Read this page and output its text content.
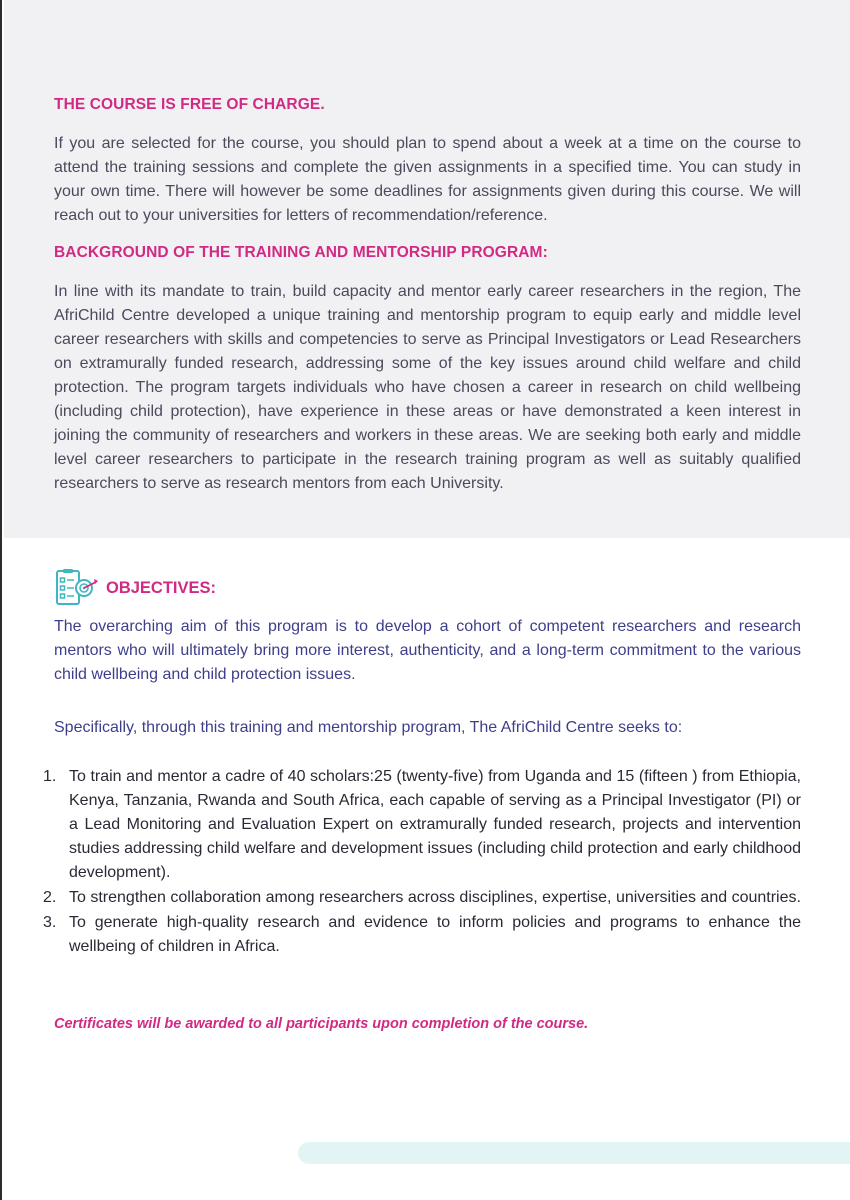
THE COURSE IS FREE OF CHARGE.

If you are selected for the course, you should plan to spend about a week at a time on the course to attend the training sessions and complete the given assignments in a specified time. You can study in your own time. There will however be some deadlines for assignments given during this course. We will reach out to your universities for letters of recommendation/reference.

BACKGROUND OF THE TRAINING AND MENTORSHIP PROGRAM:

In line with its mandate to train, build capacity and mentor early career researchers in the region, The AfriChild Centre developed a unique training and mentorship program to equip early and middle level career researchers with skills and competencies to serve as Principal Investigators or Lead Researchers on extramurally funded research, addressing some of the key issues around child welfare and child protection. The program targets individuals who have chosen a career in research on child wellbeing (including child protection), have experience in these areas or have demonstrated a keen interest in joining the community of researchers and workers in these areas. We are seeking both early and middle level career researchers to participate in the research training program as well as suitably qualified researchers to serve as research mentors from each University.

OBJECTIVES:

The overarching aim of this program is to develop a cohort of competent researchers and research mentors who will ultimately bring more interest, authenticity, and a long-term commitment to the various child wellbeing and child protection issues.

Specifically, through this training and mentorship program, The AfriChild Centre seeks to:

1. To train and mentor a cadre of 40 scholars:25 (twenty-five) from Uganda and 15 (fifteen ) from Ethiopia, Kenya, Tanzania, Rwanda and South Africa, each capable of serving as a Principal Investigator (PI) or a Lead Monitoring and Evaluation Expert on extramurally funded research, projects and intervention studies addressing child welfare and development issues (including child protection and early childhood development).
2. To strengthen collaboration among researchers across disciplines, expertise, universities and countries.
3. To generate high-quality research and evidence to inform policies and programs to enhance the wellbeing of children in Africa.

Certificates will be awarded to all participants upon completion of the course.
